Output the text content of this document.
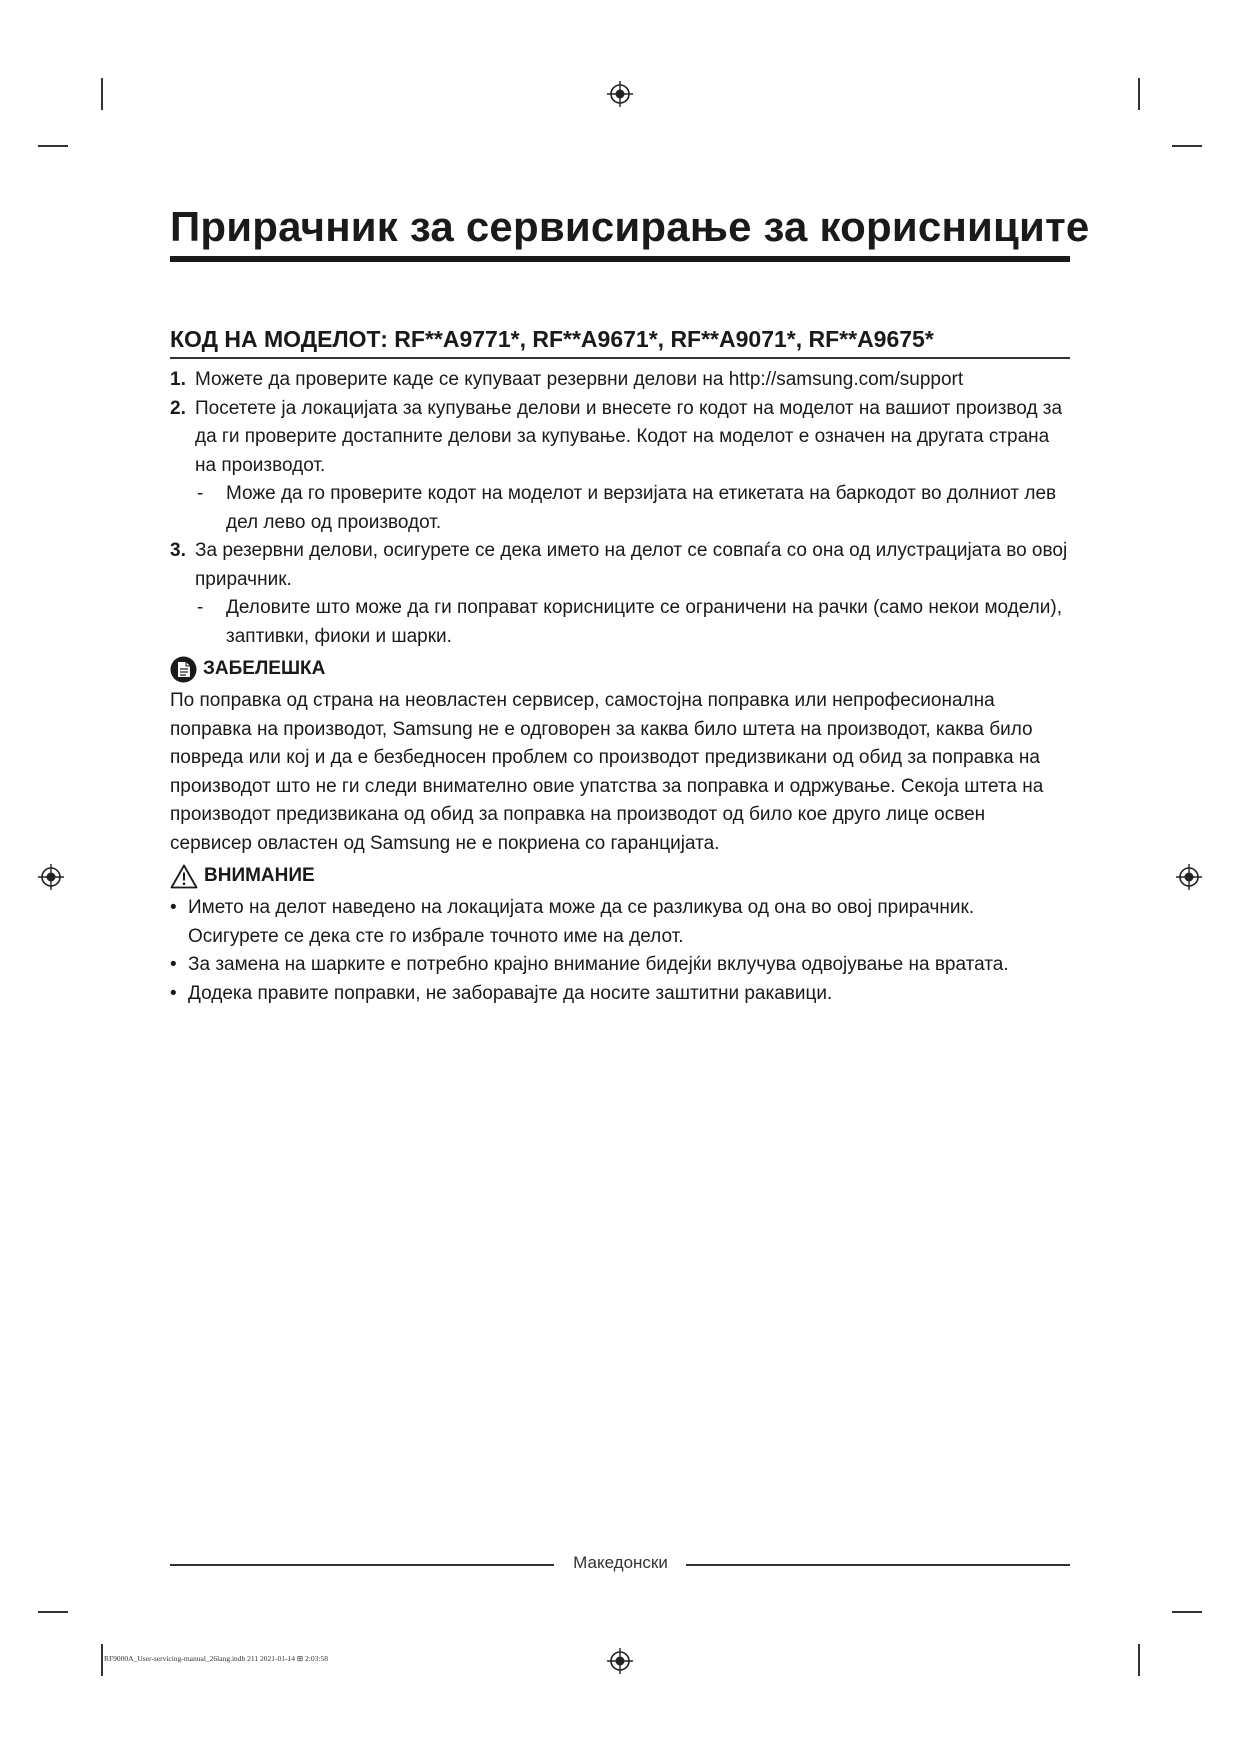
Прирачник за сервисирање за корисниците
КОД НА МОДЕЛОТ: RF**A9771*, RF**A9671*, RF**A9071*, RF**A9675*
1. Можете да проверите каде се купуваат резервни делови на http://samsung.com/support
2. Посетете ја локацијата за купување делови и внесете го кодот на моделот на вашиот производ за да ги проверите достапните делови за купување. Кодот на моделот е означен на другата страна на производот.
- Може да го проверите кодот на моделот и верзијата на етикетата на баркодот во долниот лев дел лево од производот.
3. За резервни делови, осигурете се дека името на делот се совпаѓа со она од илустрацијата во овој прирачник.
- Деловите што може да ги поправат корисниците се ограничени на рачки (само некои модели), заптивки, фиоки и шарки.
ЗАБЕЛЕШКА
По поправка од страна на неовластен сервисер, самостојна поправка или непрофесионална поправка на производот, Samsung не е одговорен за каква било штета на производот, каква било повреда или кој и да е безбедносен проблем со производот предизвикани од обид за поправка на производот што не ги следи внимателно овие упатства за поправка и одржување. Секоја штета на производот предизвикана од обид за поправка на производот од било кое друго лице освен сервисер овластен од Samsung не е покриена со гаранцијата.
ВНИМАНИЕ
• Името на делот наведено на локацијата може да се разликува од она во овој прирачник. Осигурете се дека сте го избрале точното име на делот.
• За замена на шарките е потребно крајно внимание бидејќи вклучува одвојување на вратата.
• Додека правите поправки, не заборавајте да носите заштитни ракавици.
Македонски
RF9000A_User-servicing-manual_26lang.indb 211 2021-01-14 ⊞ 2:03:58
